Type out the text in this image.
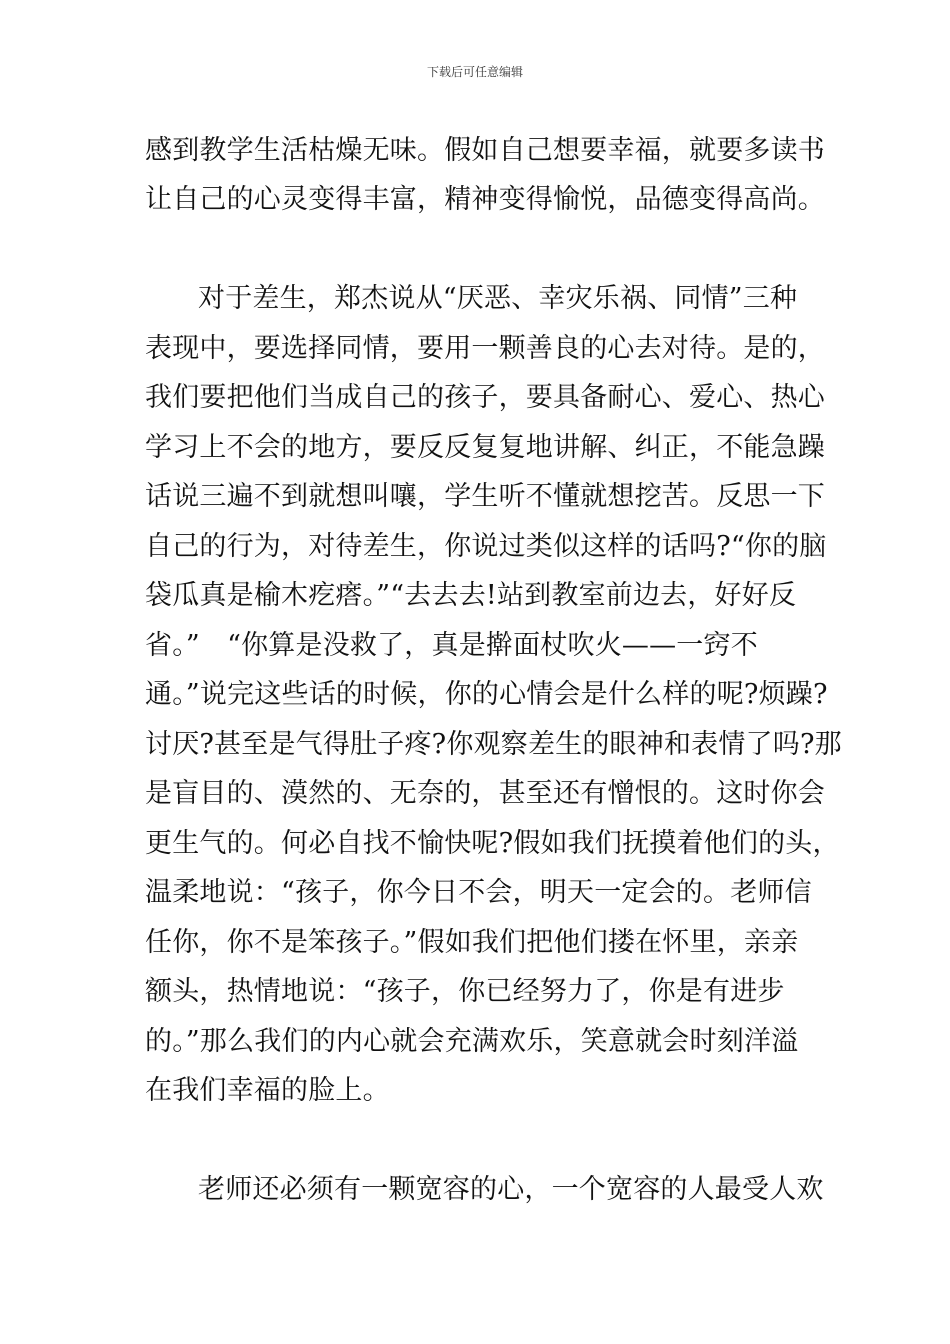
下载后可任意编辑
感到教学生活枯燥无味。假如自己想要幸福，就要多读书
让自己的心灵变得丰富，精神变得愉悦，品德变得高尚。
对于差生，郑杰说从“厌恶、幸灾乐祸、同情”三种
表现中，要选择同情，要用一颗善良的心去对待。是的，
我们要把他们当成自己的孩子，要具备耐心、爱心、热心
学习上不会的地方，要反反复复地讲解、纠正，不能急躁
话说三遍不到就想叫嚷，学生听不懂就想挖苦。反思一下
自己的行为，对待差生，你说过类似这样的话吗?“你的脑
袋瓜真是榆木疙瘩。”“去去去!站到教室前边去，好好反
省。”　“你算是没救了，真是擀面杖吹火——一窍不
通。”说完这些话的时候，你的心情会是什么样的呢?烦躁?
讨厌?甚至是气得肚子疼?你观察差生的眼神和表情了吗?那
是盲目的、漠然的、无奈的，甚至还有憎恨的。这时你会
更生气的。何必自找不愉快呢?假如我们抚摸着他们的头，
温柔地说：“孩子，你今日不会，明天一定会的。老师信
任你，你不是笨孩子。”假如我们把他们搂在怀里，亲亲
额头，热情地说：“孩子，你已经努力了，你是有进步
的。”那么我们的内心就会充满欢乐，笑意就会时刻洋溢
在我们幸福的脸上。
老师还必须有一颗宽容的心，一个宽容的人最受人欢
